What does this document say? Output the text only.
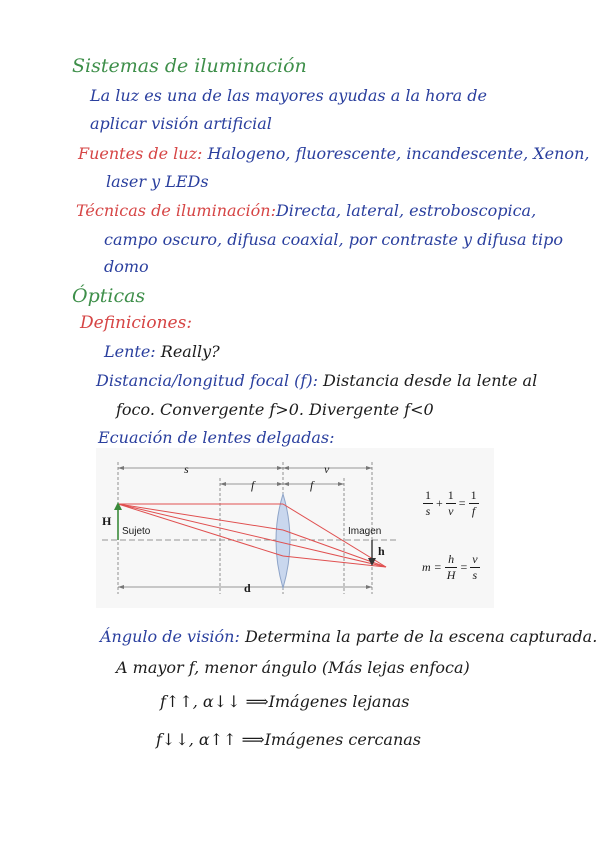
Sistemas de iluminación
La luz es una de las mayores ayudas a la hora de
aplicar visión artificial
Fuentes de luz: Halogeno, fluorescente, incandescente, Xenon,
laser y LEDs
Técnicas de iluminación:Directa, lateral, estroboscopica,
campo oscuro, difusa coaxial, por contraste y difusa tipo
domo
Ópticas
Definiciones:
Lente: Really?
Distancia/longitud focal (f): Distancia desde la lente al
foco. Convergente f>0. Divergente f<0
Ecuación de lentes delgadas:
s	v
f	f
H
Sujeto	Imagen
h
d
$\frac{1}{s} + \frac{1}{v} = \frac{1}{f}$
$m = \frac{h}{H} = \frac{v}{s}$
Ángulo de visión: Determina la parte de la escena capturada.
A mayor f, menor ángulo (Más lejas enfoca)
f↑↑, α↓↓ ⟹Imágenes lejanas
f↓↓, α↑↑ ⟹Imágenes cercanas
